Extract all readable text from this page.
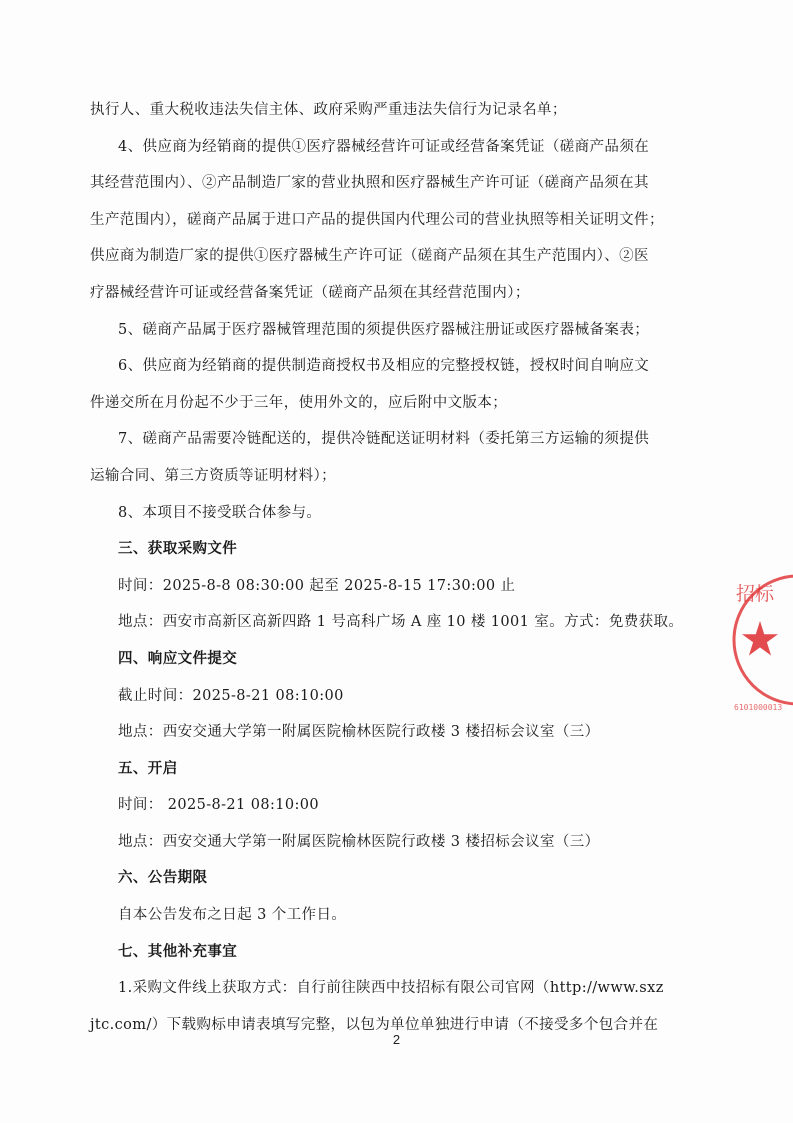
执行人、重大税收违法失信主体、政府采购严重违法失信行为记录名单；
4、供应商为经销商的提供①医疗器械经营许可证或经营备案凭证（磋商产品须在
其经营范围内）、②产品制造厂家的营业执照和医疗器械生产许可证（磋商产品须在其
生产范围内），磋商产品属于进口产品的提供国内代理公司的营业执照等相关证明文件；
供应商为制造厂家的提供①医疗器械生产许可证（磋商产品须在其生产范围内）、②医
疗器械经营许可证或经营备案凭证（磋商产品须在其经营范围内）；
5、磋商产品属于医疗器械管理范围的须提供医疗器械注册证或医疗器械备案表；
6、供应商为经销商的提供制造商授权书及相应的完整授权链，授权时间自响应文
件递交所在月份起不少于三年，使用外文的，应后附中文版本；
7、磋商产品需要冷链配送的，提供冷链配送证明材料（委托第三方运输的须提供
运输合同、第三方资质等证明材料）；
8、本项目不接受联合体参与。
三、获取采购文件
时间：2025-8-8 08:30:00 起至 2025-8-15 17:30:00 止
地点：西安市高新区高新四路 1 号高科广场 A 座 10 楼 1001 室。方式：免费获取。
四、响应文件提交
截止时间：2025-8-21 08:10:00
地点：西安交通大学第一附属医院榆林医院行政楼 3 楼招标会议室（三）
五、开启
时间： 2025-8-21 08:10:00
地点：西安交通大学第一附属医院榆林医院行政楼 3 楼招标会议室（三）
六、公告期限
自本公告发布之日起 3 个工作日。
七、其他补充事宜
1.采购文件线上获取方式：自行前往陕西中技招标有限公司官网（http://www.sxz
jtc.com/）下载购标申请表填写完整，以包为单位单独进行申请（不接受多个包合并在
招标
6101000013
2
